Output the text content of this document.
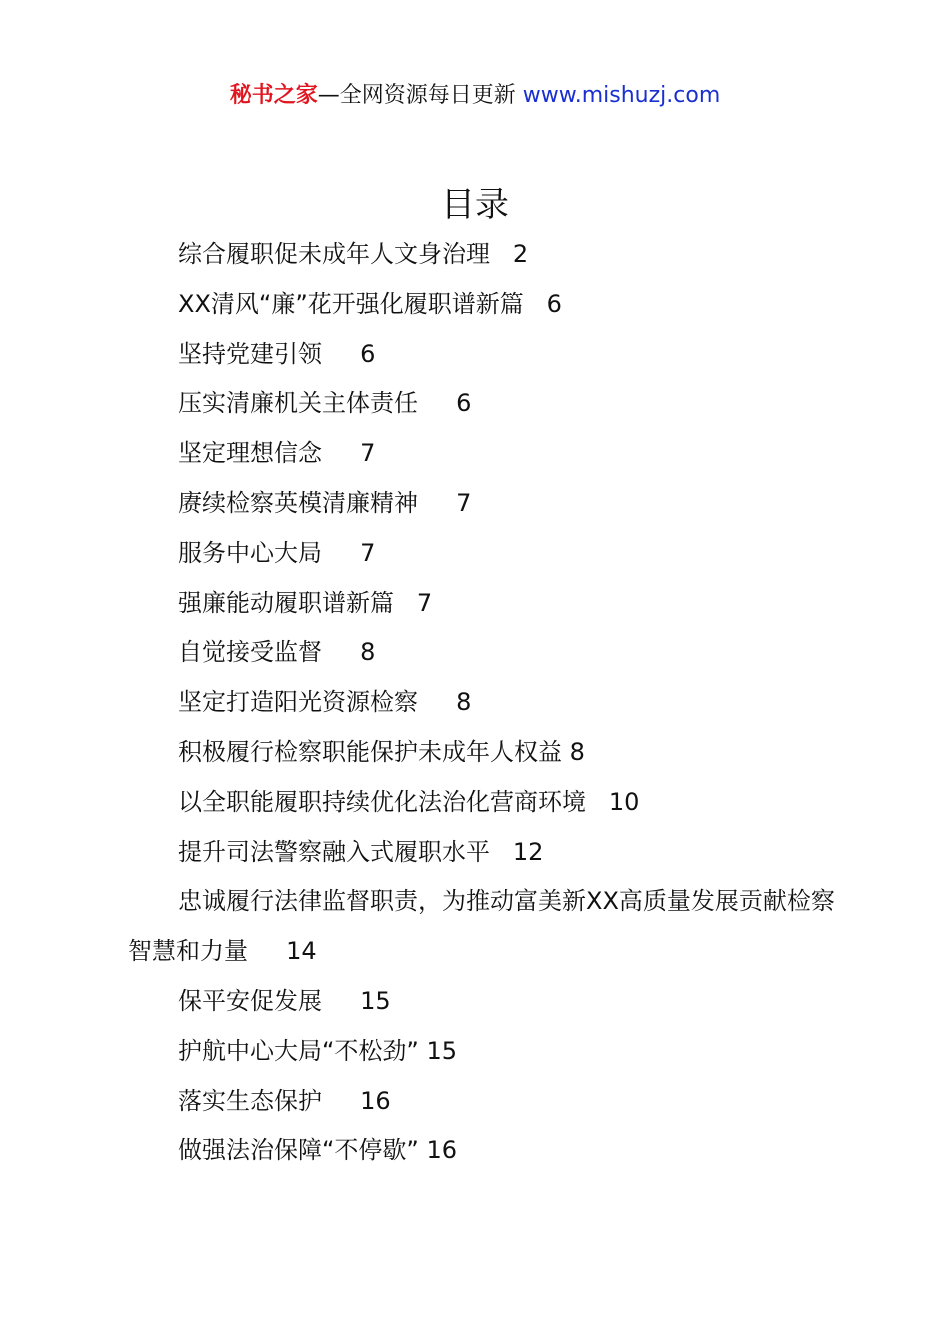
秘书之家—全网资源每日更新 www.mishuzj.com
目录
综合履职促未成年人文身治理 2
XX清风“廉”花开强化履职谱新篇 6
坚持党建引领 6
压实清廉机关主体责任 6
坚定理想信念 7
赓续检察英模清廉精神 7
服务中心大局 7
强廉能动履职谱新篇 7
自觉接受监督 8
坚定打造阳光资源检察 8
积极履行检察职能保护未成年人权益 8
以全职能履职持续优化法治化营商环境 10
提升司法警察融入式履职水平 12
忠诚履行法律监督职责，为推动富美新XX高质量发展贡献检察智慧和力量 14
保平安促发展 15
护航中心大局“不松劲” 15
落实生态保护 16
做强法治保障“不停歇” 16
